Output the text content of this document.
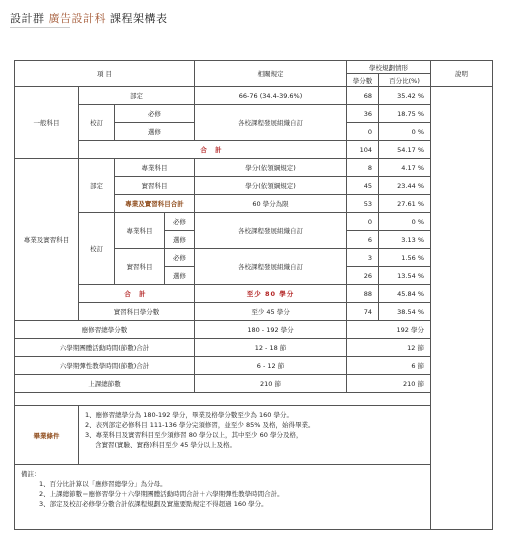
設計群 廣告設計科 課程架構表
項 目				相關規定	學校規劃情形		說明
					學分數	百分比(%)	
一般科目	部定			66-76 (34.4-39.6%)	68	35.42 %	
	校訂	必修		各校課程發展組織自訂	36	18.75 %	
		選修			0	0 %	
	合 計				104	54.17 %	
專業及實習科目	部定	專業科目		學分(依領綱規定)	8	4.17 %	
		實習科目		學分(依領綱規定)	45	23.44 %	
		專業及實習科目合計		60 學分為限	53	27.61 %	
	校訂	專業科目	必修	各校課程發展組織自訂	0	0 %	
			選修		6	3.13 %	
		實習科目	必修	各校課程發展組織自訂	3	1.56 %	
			選修		26	13.54 %	
	合 計			至少 80 學分	88	45.84 %	
	實習科目學分數			至少 45 學分	74	38.54 %	
應修習總學分數				180 - 192 學分	192 學分		
六學期團體活動時間(節數)合計				12 - 18 節	12 節		
六學期彈性教學時間(節數)合計				6 - 12 節	6 節		
上課總節數				210 節	210 節		

畢業條件	1、應修習總學分為 180-192 學分，畢業及格學分數至少為 160 學分。
2、表列部定必修科目 111-136 學分完須修習，並至少 85% 及格，始得畢業。
3、專業科目及實習科目至少須修習 80 學分以上，其中至少 60 學分及格，
含實習(實驗、實務)科目至少 45 學分以上及格。						

備註：
1、百分比計算以「應修習總學分」為分母。
2、上課總節數＝應修習學分＋六學期團體活動時間合計＋六學期彈性教學時間合計。
3、部定及校訂必修學分數合計依課程規劃及實施要點規定不得超過 160 學分。							
